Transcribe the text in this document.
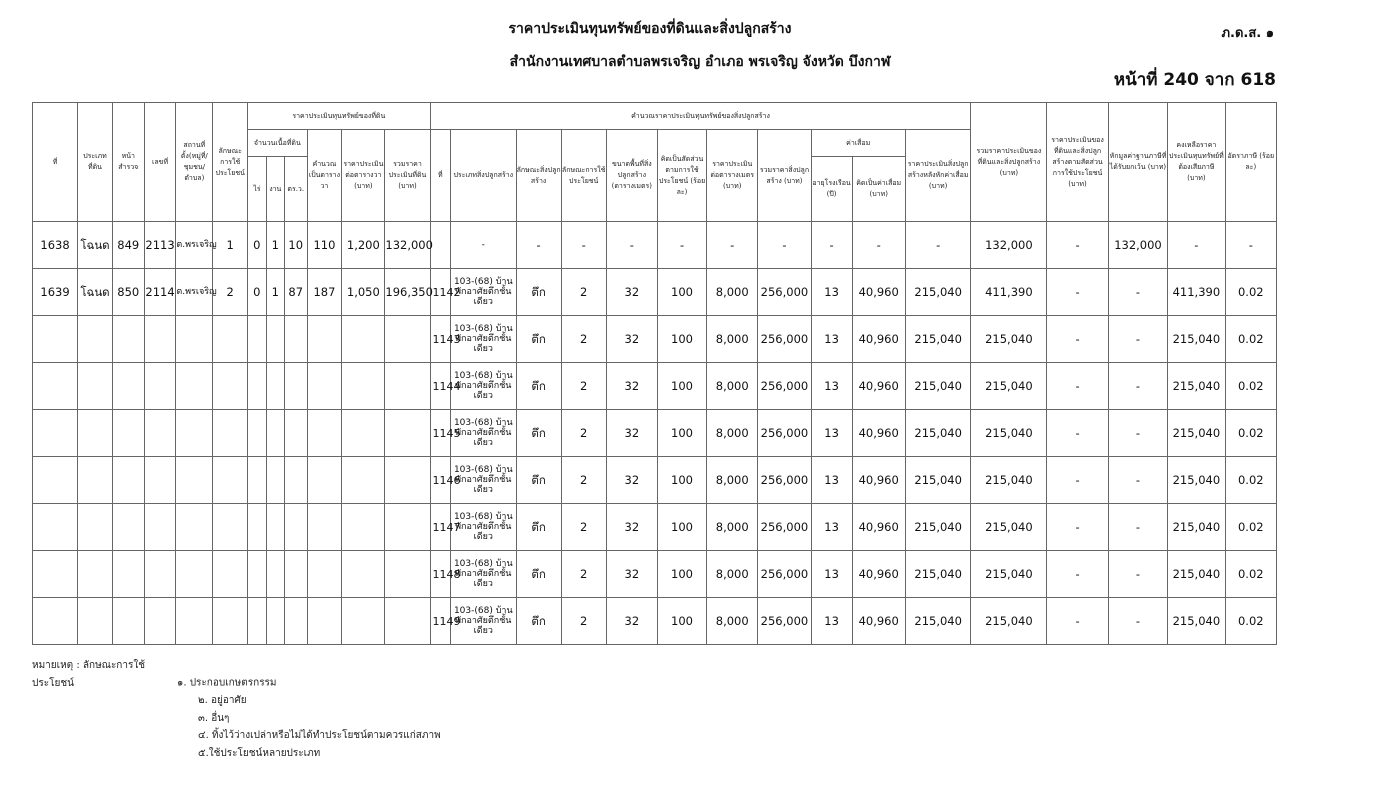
ราคาประเมินทุนทรัพย์ของที่ดินและสิ่งปลูกสร้าง
สำนักงานเทศบาลตำบลพรเจริญ อำเภอ พรเจริญ จังหวัด บึงกาฬ
ภ.ด.ส. ๑
หน้าที่ 240 จาก 618
ที่	ประเภทที่ดิน	หน้าสำรวจ	เลขที่	สถานที่ตั้ง(หมู่ที่/ชุมชน/ตำบล)	ลักษณะการใช้ประโยชน์	ราคาประเมินทุนทรัพย์ของที่ดิน						คำนวณราคาประเมินทุนทรัพย์ของสิ่งปลูกสร้าง											รวมราคาประเมินของที่ดินและสิ่งปลูกสร้าง (บาท)	ราคาประเมินของที่ดินและสิ่งปลูกสร้างตามสัดส่วนการใช้ประโยชน์ (บาท)	หักมูลค่าฐานภาษีที่ได้รับยกเว้น (บาท)	คงเหลือราคาประเมินทุนทรัพย์ที่ต้องเสียภาษี (บาท)	อัตราภาษี (ร้อยละ)
						จำนวนเนื้อที่ดิน			คำนวณเป็นตารางวา	ราคาประเมินต่อตารางวา (บาท)	รวมราคาประเมินที่ดิน (บาท)	ที่	ประเภทสิ่งปลูกสร้าง	ลักษณะสิ่งปลูกสร้าง	ลักษณะการใช้ประโยชน์	ขนาดพื้นที่สิ่งปลูกสร้าง (ตารางเมตร)	คิดเป็นสัดส่วนตามการใช้ประโยชน์ (ร้อยละ)	ราคาประเมินต่อตารางเมตร (บาท)	รวมราคาสิ่งปลูกสร้าง (บาท)	ค่าเสื่อม		ราคาประเมินสิ่งปลูกสร้างหลังหักค่าเสื่อม (บาท)					
						ไร่	งาน	ตร.ว.												อายุโรงเรือน (ปี)	คิดเป็นค่าเสื่อม (บาท)						
1638	โฉนด	849	2113	ต.พรเจริญ	1	0	1	10	110	1,200	132,000		-	-	-	-	-	-	-	-	-	-	132,000	-	132,000	-	-
1639	โฉนด	850	2114	ต.พรเจริญ	2	0	1	87	187	1,050	196,350	1142	103-(68) บ้านพักอาศัยตึกชั้นเดียว	ตึก	2	32	100	8,000	256,000	13	40,960	215,040	411,390	-	-	411,390	0.02
												1143	103-(68) บ้านพักอาศัยตึกชั้นเดียว	ตึก	2	32	100	8,000	256,000	13	40,960	215,040	215,040	-	-	215,040	0.02
												1144	103-(68) บ้านพักอาศัยตึกชั้นเดียว	ตึก	2	32	100	8,000	256,000	13	40,960	215,040	215,040	-	-	215,040	0.02
												1145	103-(68) บ้านพักอาศัยตึกชั้นเดียว	ตึก	2	32	100	8,000	256,000	13	40,960	215,040	215,040	-	-	215,040	0.02
												1146	103-(68) บ้านพักอาศัยตึกชั้นเดียว	ตึก	2	32	100	8,000	256,000	13	40,960	215,040	215,040	-	-	215,040	0.02
												1147	103-(68) บ้านพักอาศัยตึกชั้นเดียว	ตึก	2	32	100	8,000	256,000	13	40,960	215,040	215,040	-	-	215,040	0.02
												1148	103-(68) บ้านพักอาศัยตึกชั้นเดียว	ตึก	2	32	100	8,000	256,000	13	40,960	215,040	215,040	-	-	215,040	0.02
												1149	103-(68) บ้านพักอาศัยตึกชั้นเดียว	ตึก	2	32	100	8,000	256,000	13	40,960	215,040	215,040	-	-	215,040	0.02
หมายเหตุ : ลักษณะการใช้ประโยชน์	๑. ประกอบเกษตรกรรม
๒. อยู่อาศัย
๓. อื่นๆ
๔. ทิ้งไว้ว่างเปล่าหรือไม่ได้ทำประโยชน์ตามควรแก่สภาพ
๕.ใช้ประโยชน์หลายประเภท
